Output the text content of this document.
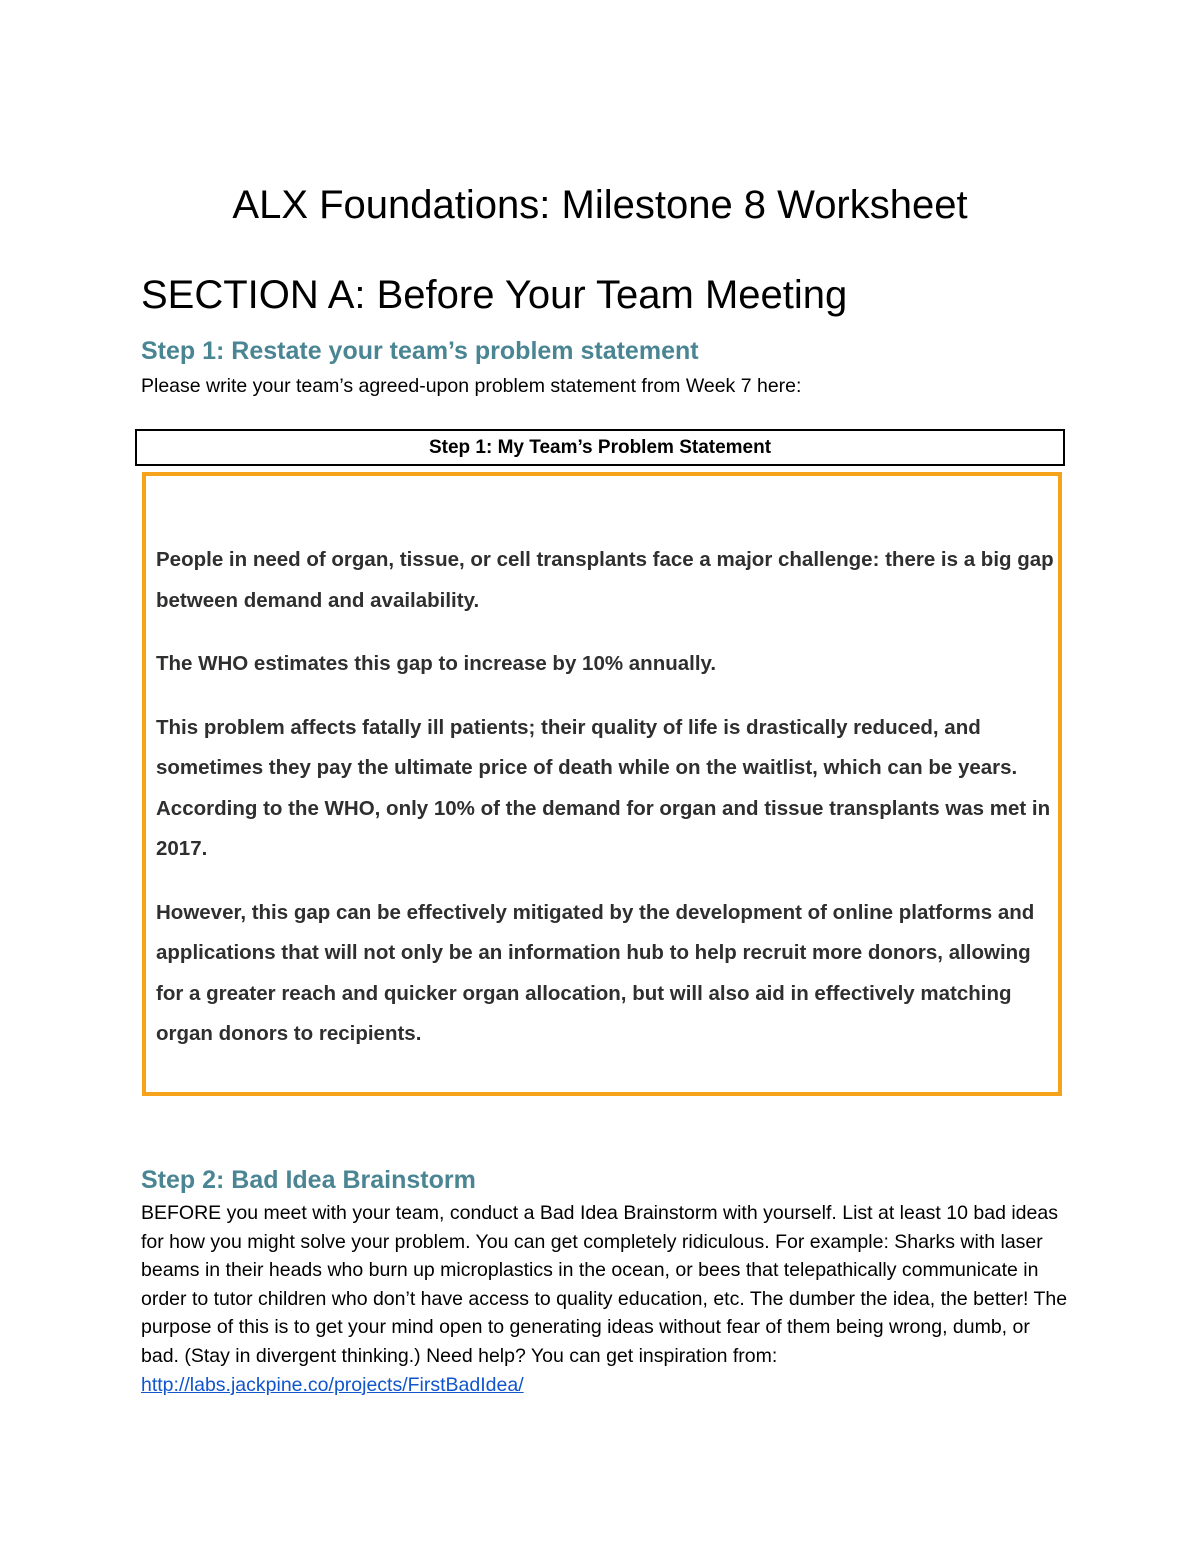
ALX Foundations: Milestone 8 Worksheet
SECTION A: Before Your Team Meeting
Step 1: Restate your team’s problem statement

Please write your team’s agreed-upon problem statement from Week 7 here:

Step 1: My Team’s Problem Statement

People in need of organ, tissue, or cell transplants face a major challenge: there is a big gap between demand and availability.

The WHO estimates this gap to increase by 10% annually.

This problem affects fatally ill patients; their quality of life is drastically reduced, and sometimes they pay the ultimate price of death while on the waitlist, which can be years. According to the WHO, only 10% of the demand for organ and tissue transplants was met in 2017.

However, this gap can be effectively mitigated by the development of online platforms and applications that will not only be an information hub to help recruit more donors, allowing for a greater reach and quicker organ allocation, but will also aid in effectively matching organ donors to recipients.

Step 2: Bad Idea Brainstorm

BEFORE you meet with your team, conduct a Bad Idea Brainstorm with yourself. List at least 10 bad ideas for how you might solve your problem. You can get completely ridiculous. For example: Sharks with laser beams in their heads who burn up microplastics in the ocean, or bees that telepathically communicate in order to tutor children who don’t have access to quality education, etc. The dumber the idea, the better! The purpose of this is to get your mind open to generating ideas without fear of them being wrong, dumb, or bad. (Stay in divergent thinking.) Need help? You can get inspiration from: http://labs.jackpine.co/projects/FirstBadIdea/
